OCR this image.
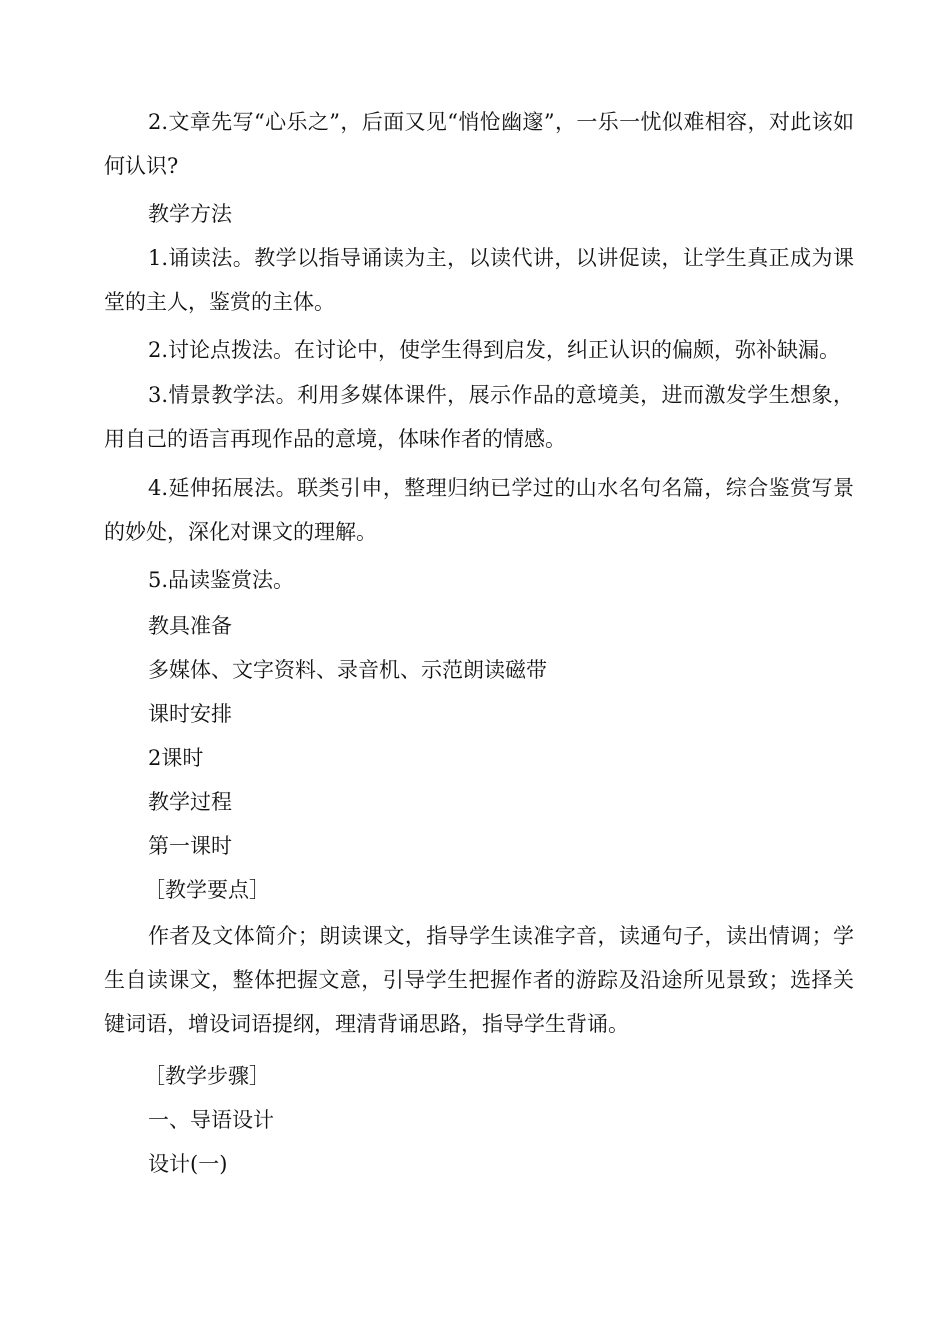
2.文章先写“心乐之”，后面又见“悄怆幽邃”，一乐一忧似难相容，对此该如何认识?

教学方法

1.诵读法。教学以指导诵读为主，以读代讲，以讲促读，让学生真正成为课堂的主人，鉴赏的主体。

2.讨论点拨法。在讨论中，使学生得到启发，纠正认识的偏颇，弥补缺漏。

3.情景教学法。利用多媒体课件，展示作品的意境美，进而激发学生想象，用自己的语言再现作品的意境，体味作者的情感。

4.延伸拓展法。联类引申，整理归纳已学过的山水名句名篇，综合鉴赏写景的妙处，深化对课文的理解。

5.品读鉴赏法。

教具准备

多媒体、文字资料、录音机、示范朗读磁带

课时安排

2课时

教学过程

第一课时

［教学要点］

作者及文体简介；朗读课文，指导学生读准字音，读通句子，读出情调；学生自读课文，整体把握文意，引导学生把握作者的游踪及沿途所见景致；选择关键词语，增设词语提纲，理清背诵思路，指导学生背诵。

［教学步骤］

一、导语设计

设计(一)
